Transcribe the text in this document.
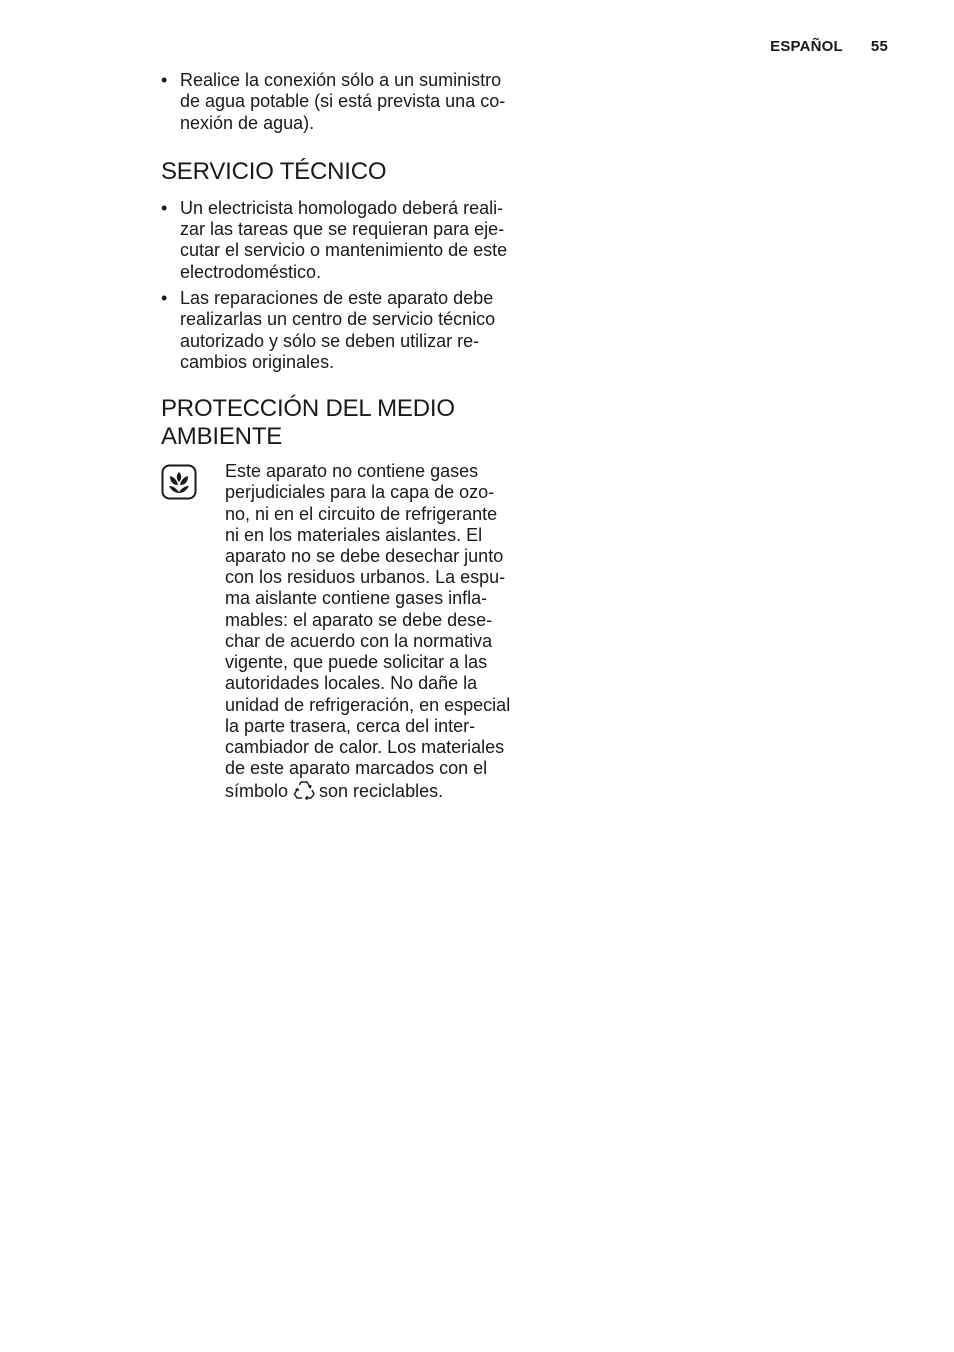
ESPAÑOL 55
• Realice la conexión sólo a un suministro
de agua potable (si está prevista una co-
nexión de agua).
SERVICIO TÉCNICO
• Un electricista homologado deberá reali-
zar las tareas que se requieran para eje-
cutar el servicio o mantenimiento de este
electrodoméstico.
• Las reparaciones de este aparato debe
realizarlas un centro de servicio técnico
autorizado y sólo se deben utilizar re-
cambios originales.
PROTECCIÓN DEL MEDIO
AMBIENTE

Este aparato no contiene gases
perjudiciales para la capa de ozo-
no, ni en el circuito de refrigerante
ni en los materiales aislantes. El
aparato no se debe desechar junto
con los residuos urbanos. La espu-
ma aislante contiene gases infla-
mables: el aparato se debe dese-
char de acuerdo con la normativa
vigente, que puede solicitar a las
autoridades locales. No dañe la
unidad de refrigeración, en especial
la parte trasera, cerca del inter-
cambiador de calor. Los materiales
de este aparato marcados con el
símbolo son reciclables.
